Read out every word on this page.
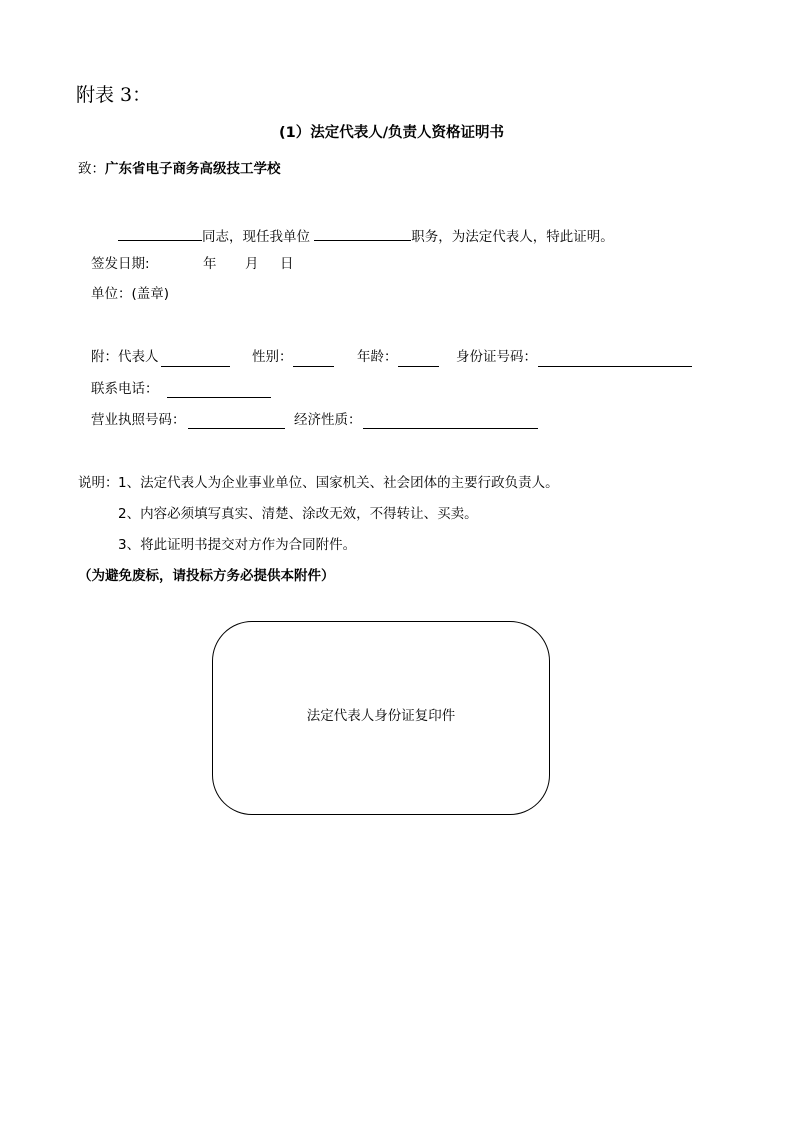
附表 3：
(1）法定代表人/负责人资格证明书
致：广东省电子商务高级技工学校
同志，现任我单位	职务，为法定代表人，特此证明。
签发日期:	年 月 日
单位：(盖章)
附：代表人	性别：	年龄：	身份证号码：
联系电话：
营业执照号码：	经济性质：
说明： 1、法定代表人为企业事业单位、国家机关、社会团体的主要行政负责人。
2、内容必须填写真实、清楚、涂改无效，不得转让、买卖。
3、将此证明书提交对方作为合同附件。
（为避免废标，请投标方务必提供本附件）
法定代表人身份证复印件
